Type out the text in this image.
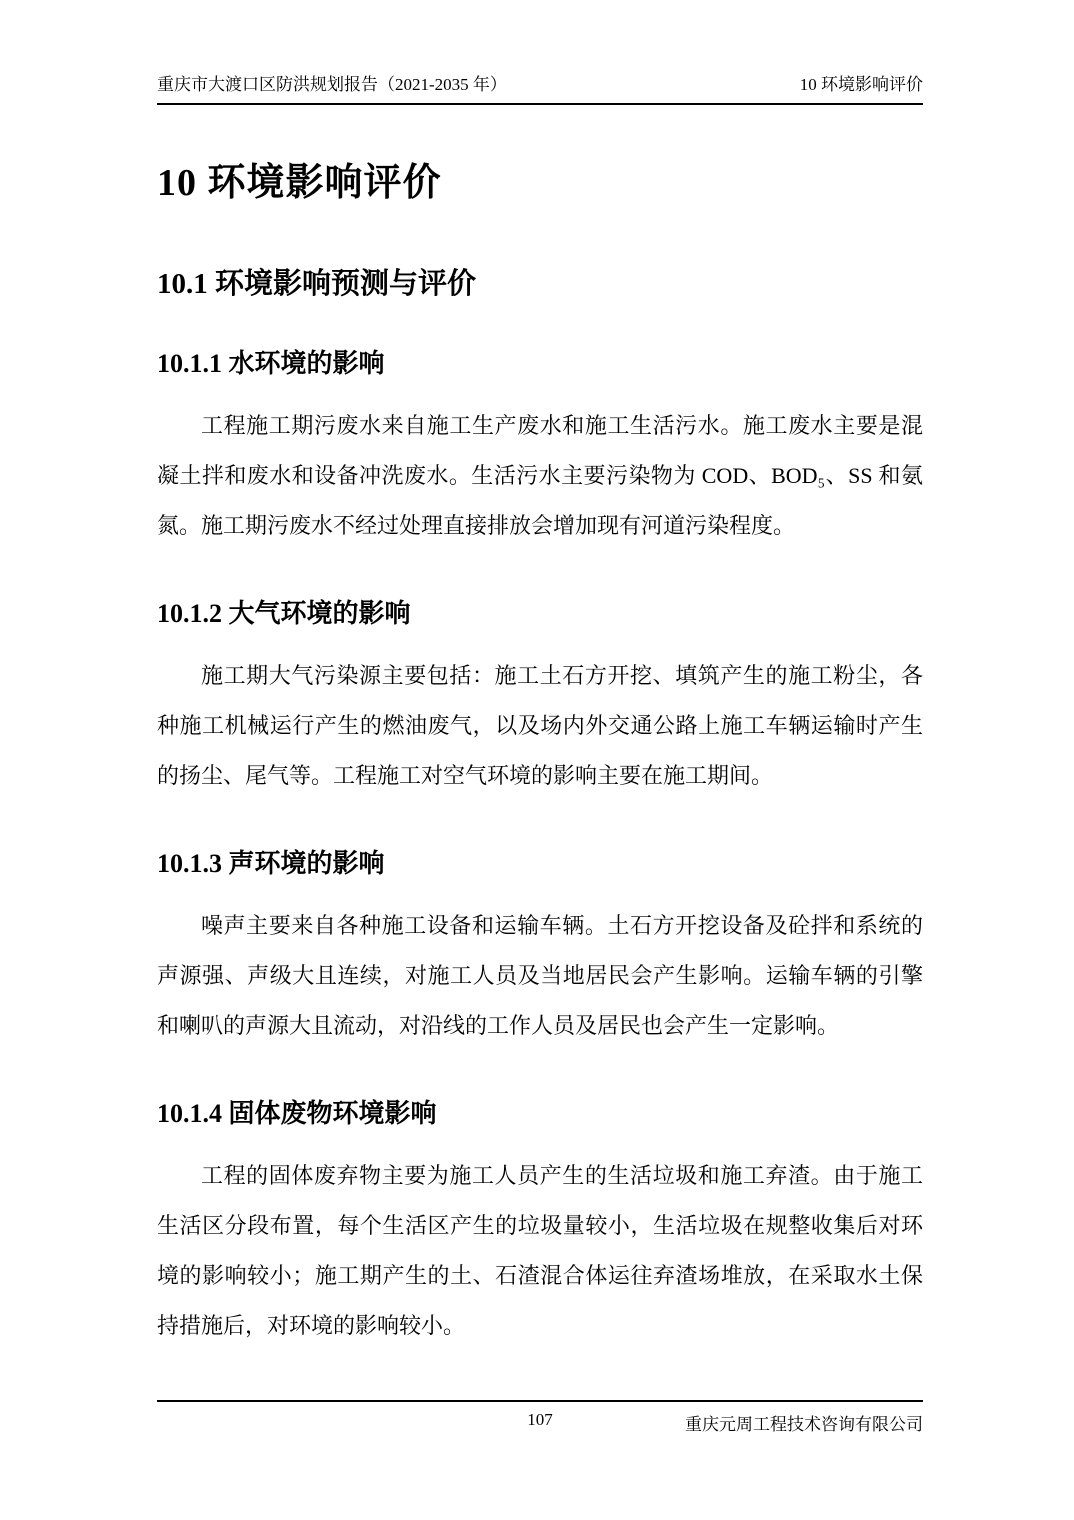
重庆市大渡口区防洪规划报告（2021-2035 年）	10 环境影响评价
10 环境影响评价
10.1 环境影响预测与评价
10.1.1 水环境的影响

工程施工期污废水来自施工生产废水和施工生活污水。施工废水主要是混凝土拌和废水和设备冲洗废水。生活污水主要污染物为 COD、BOD₅、SS 和氨氮。施工期污废水不经过处理直接排放会增加现有河道污染程度。

10.1.2 大气环境的影响

施工期大气污染源主要包括：施工土石方开挖、填筑产生的施工粉尘，各种施工机械运行产生的燃油废气，以及场内外交通公路上施工车辆运输时产生的扬尘、尾气等。工程施工对空气环境的影响主要在施工期间。

10.1.3 声环境的影响

噪声主要来自各种施工设备和运输车辆。土石方开挖设备及砼拌和系统的声源强、声级大且连续，对施工人员及当地居民会产生影响。运输车辆的引擎和喇叭的声源大且流动，对沿线的工作人员及居民也会产生一定影响。

10.1.4 固体废物环境影响

工程的固体废弃物主要为施工人员产生的生活垃圾和施工弃渣。由于施工生活区分段布置，每个生活区产生的垃圾量较小，生活垃圾在规整收集后对环境的影响较小；施工期产生的土、石渣混合体运往弃渣场堆放，在采取水土保持措施后，对环境的影响较小。

107	重庆元周工程技术咨询有限公司
